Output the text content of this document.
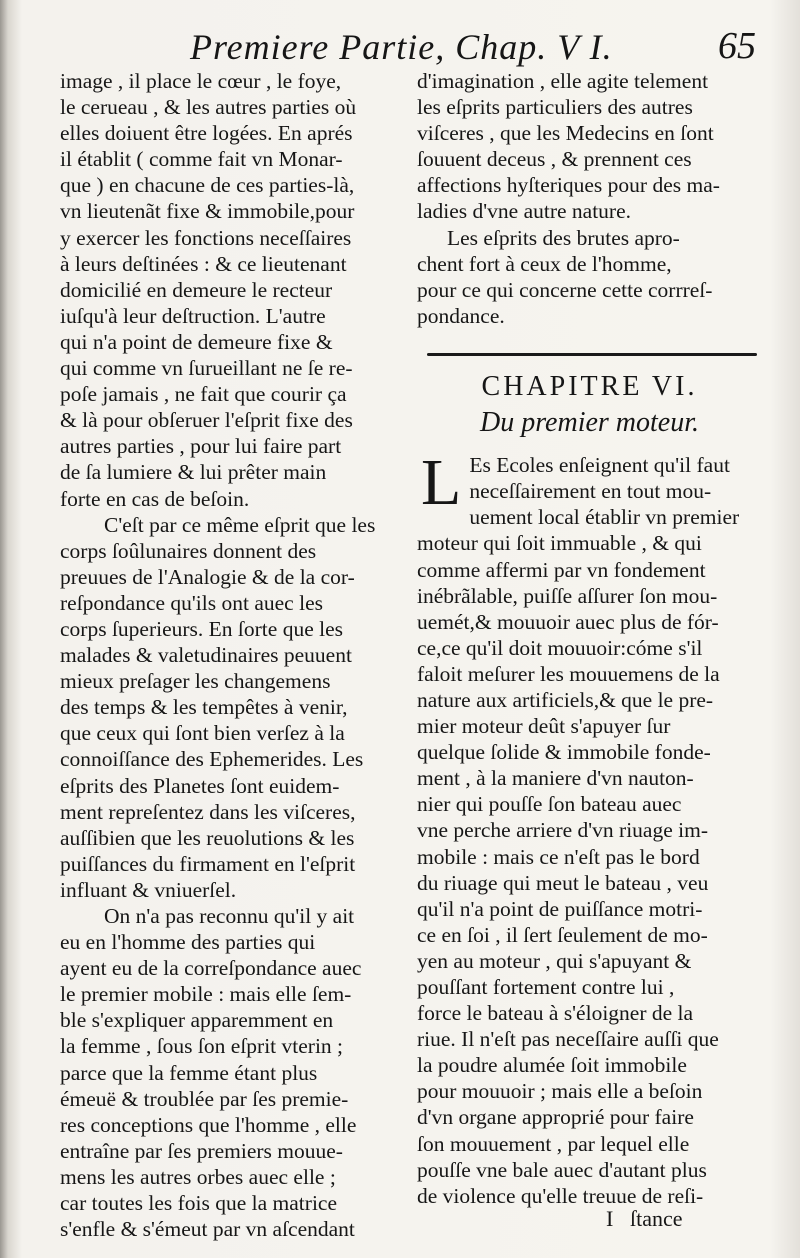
Premiere Partie, Chap. V I.	65

image , il place le cœur , le foye,
le cerueau , & les autres parties où
elles doiuent être logées. En aprés
il établit ( comme fait vn Monar-
que ) en chacune de ces parties-là,
vn lieutenãt fixe & immobile,pour
y exercer les fonctions neceſſaires
à leurs deſtinées : & ce lieutenant
domicilié en demeure le recteur
iuſqu'à leur deſtruction. L'autre
qui n'a point de demeure fixe &
qui comme vn ſurueillant ne ſe re-
poſe jamais , ne fait que courir ça
& là pour obſeruer l'eſprit fixe des
autres parties , pour lui faire part
de ſa lumiere & lui prêter main
forte en cas de beſoin.

C'eſt par ce même eſprit que les
corps ſoûlunaires donnent des
preuues de l'Analogie & de la cor-
reſpondance qu'ils ont auec les
corps ſuperieurs. En ſorte que les
malades & valetudinaires peuuent
mieux preſager les changemens
des temps & les tempêtes à venir,
que ceux qui ſont bien verſez à la
connoiſſance des Ephemerides. Les
eſprits des Planetes ſont euidem-
ment repreſentez dans les viſceres,
auſſibien que les reuolutions & les
puiſſances du firmament en l'eſprit
influant & vniuerſel.

On n'a pas reconnu qu'il y ait
eu en l'homme des parties qui
ayent eu de la correſpondance auec
le premier mobile : mais elle ſem-
ble s'expliquer apparemment en
la femme , ſous ſon eſprit vterin ;
parce que la femme étant plus
émeuë & troublée par ſes premie-
res conceptions que l'homme , elle
entraîne par ſes premiers mouue-
mens les autres orbes auec elle ;
car toutes les fois que la matrice
s'enfle & s'émeut par vn aſcendant

d'imagination , elle agite telement
les eſprits particuliers des autres
viſceres , que les Medecins en ſont
ſouuent deceus , & prennent ces
affections hyſteriques pour des ma-
ladies d'vne autre nature.

Les eſprits des brutes apro-
chent fort à ceux de l'homme,
pour ce qui concerne cette corrreſ-
pondance.

CHAPITRE VI.
Du premier moteur.
L Es Ecoles enſeignent qu'il faut
neceſſairement en tout mou-
uement local établir vn premier
moteur qui ſoit immuable , & qui
comme affermi par vn fondement
inébrãlable, puiſſe aſſurer ſon mou-
uemét,& mouuoir auec plus de fór-
ce,ce qu'il doit mouuoir:cóme s'il
faloit meſurer les mouuemens de la
nature aux artificiels,& que le pre-
mier moteur deût s'apuyer ſur
quelque ſolide & immobile fonde-
ment , à la maniere d'vn nauton-
nier qui pouſſe ſon bateau auec
vne perche arriere d'vn riuage im-
mobile : mais ce n'eſt pas le bord
du riuage qui meut le bateau , veu
qu'il n'a point de puiſſance motri-
ce en ſoi , il ſert ſeulement de mo-
yen au moteur , qui s'apuyant &
pouſſant fortement contre lui ,
force le bateau à s'éloigner de la
riue. Il n'eſt pas neceſſaire auſſi que
la poudre alumée ſoit immobile
pour mouuoir ; mais elle a beſoin
d'vn organe approprié pour faire
ſon mouuement , par lequel elle
pouſſe vne bale auec d'autant plus
de violence qu'elle treuue de reſi-

I ſtance
